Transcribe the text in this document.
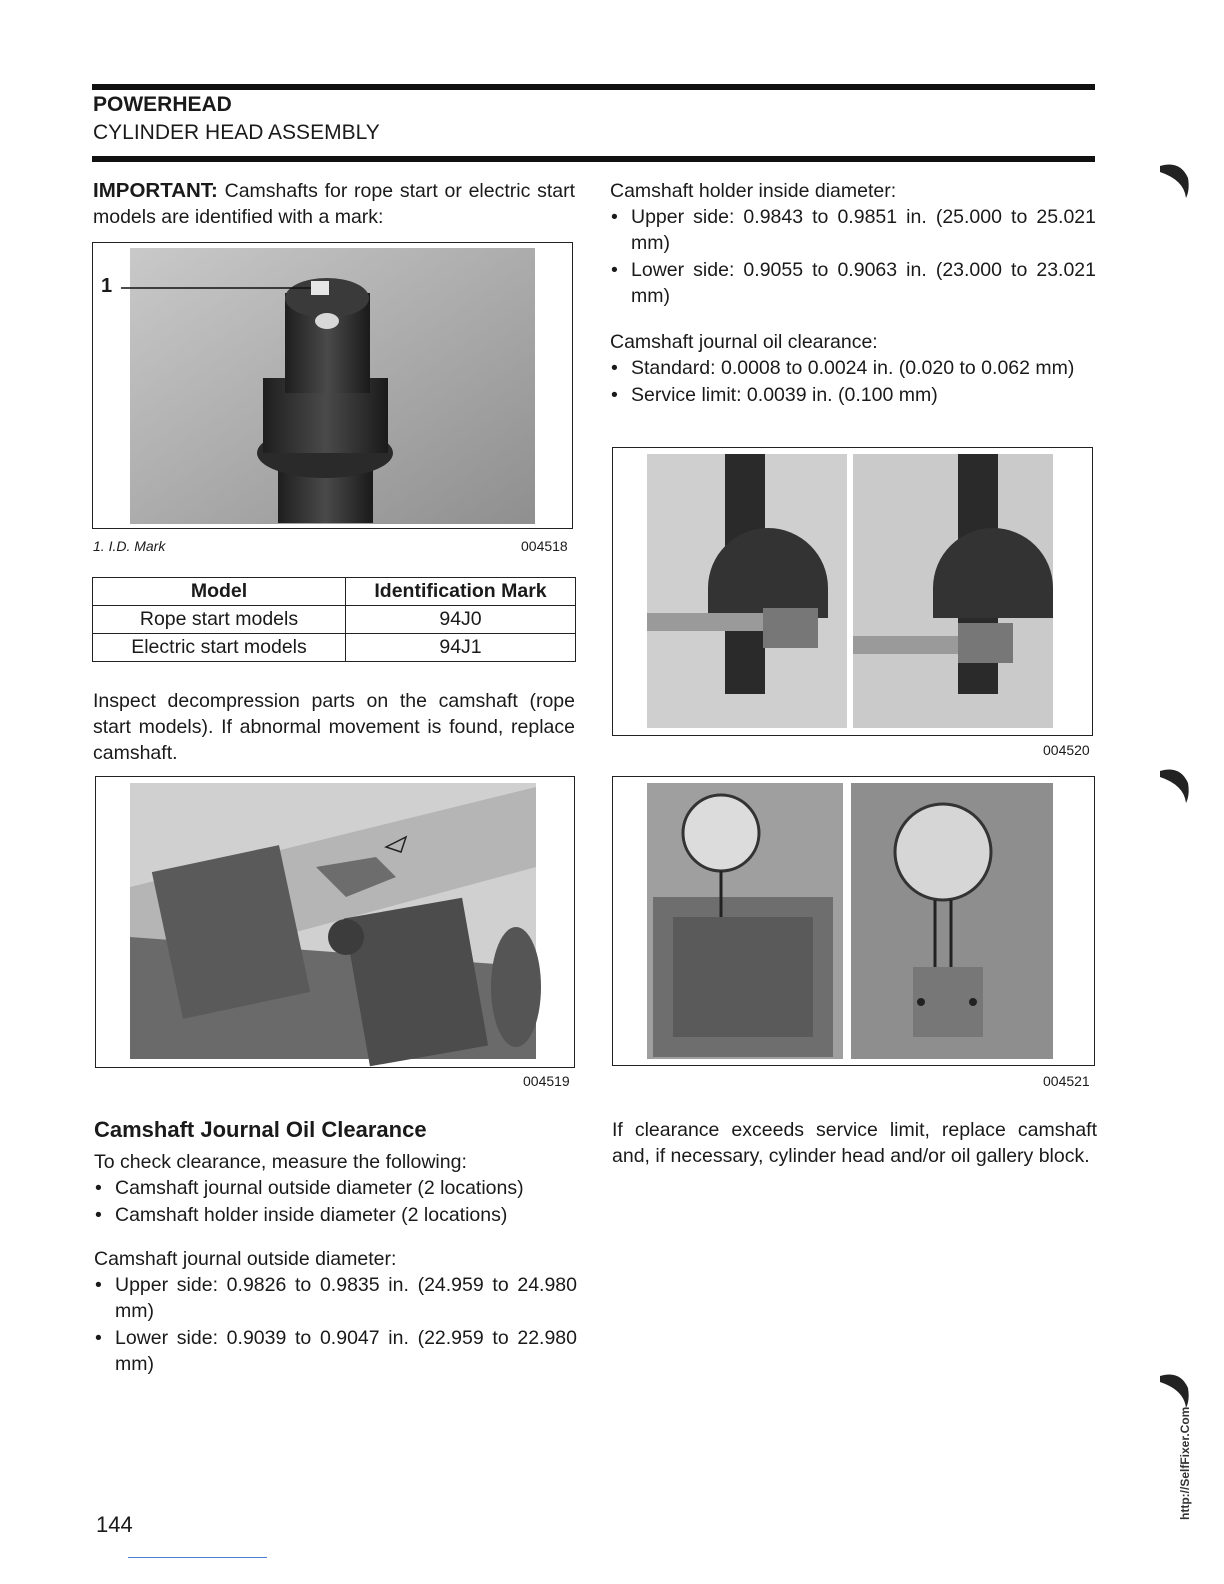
POWERHEAD
CYLINDER HEAD ASSEMBLY
IMPORTANT: Camshafts for rope start or electric start models are identified with a mark:
1
1. I.D. Mark	004518
Model	Identification Mark
Rope start models	94J0
Electric start models	94J1
Inspect decompression parts on the camshaft (rope start models). If abnormal movement is found, replace camshaft.
004519
Camshaft Journal Oil Clearance
To check clearance, measure the following:
• Camshaft journal outside diameter (2 locations)
• Camshaft holder inside diameter (2 locations)
Camshaft journal outside diameter:
• Upper side: 0.9826 to 0.9835 in. (24.959 to 24.980 mm)
• Lower side: 0.9039 to 0.9047 in. (22.959 to 22.980 mm)
Camshaft holder inside diameter:
• Upper side: 0.9843 to 0.9851 in. (25.000 to 25.021 mm)
• Lower side: 0.9055 to 0.9063 in. (23.000 to 23.021 mm)
Camshaft journal oil clearance:
• Standard: 0.0008 to 0.0024 in. (0.020 to 0.062 mm)
• Service limit: 0.0039 in. (0.100 mm)
004520
004521
If clearance exceeds service limit, replace camshaft and, if necessary, cylinder head and/or oil gallery block.
144
http://SelfFixer.Com
